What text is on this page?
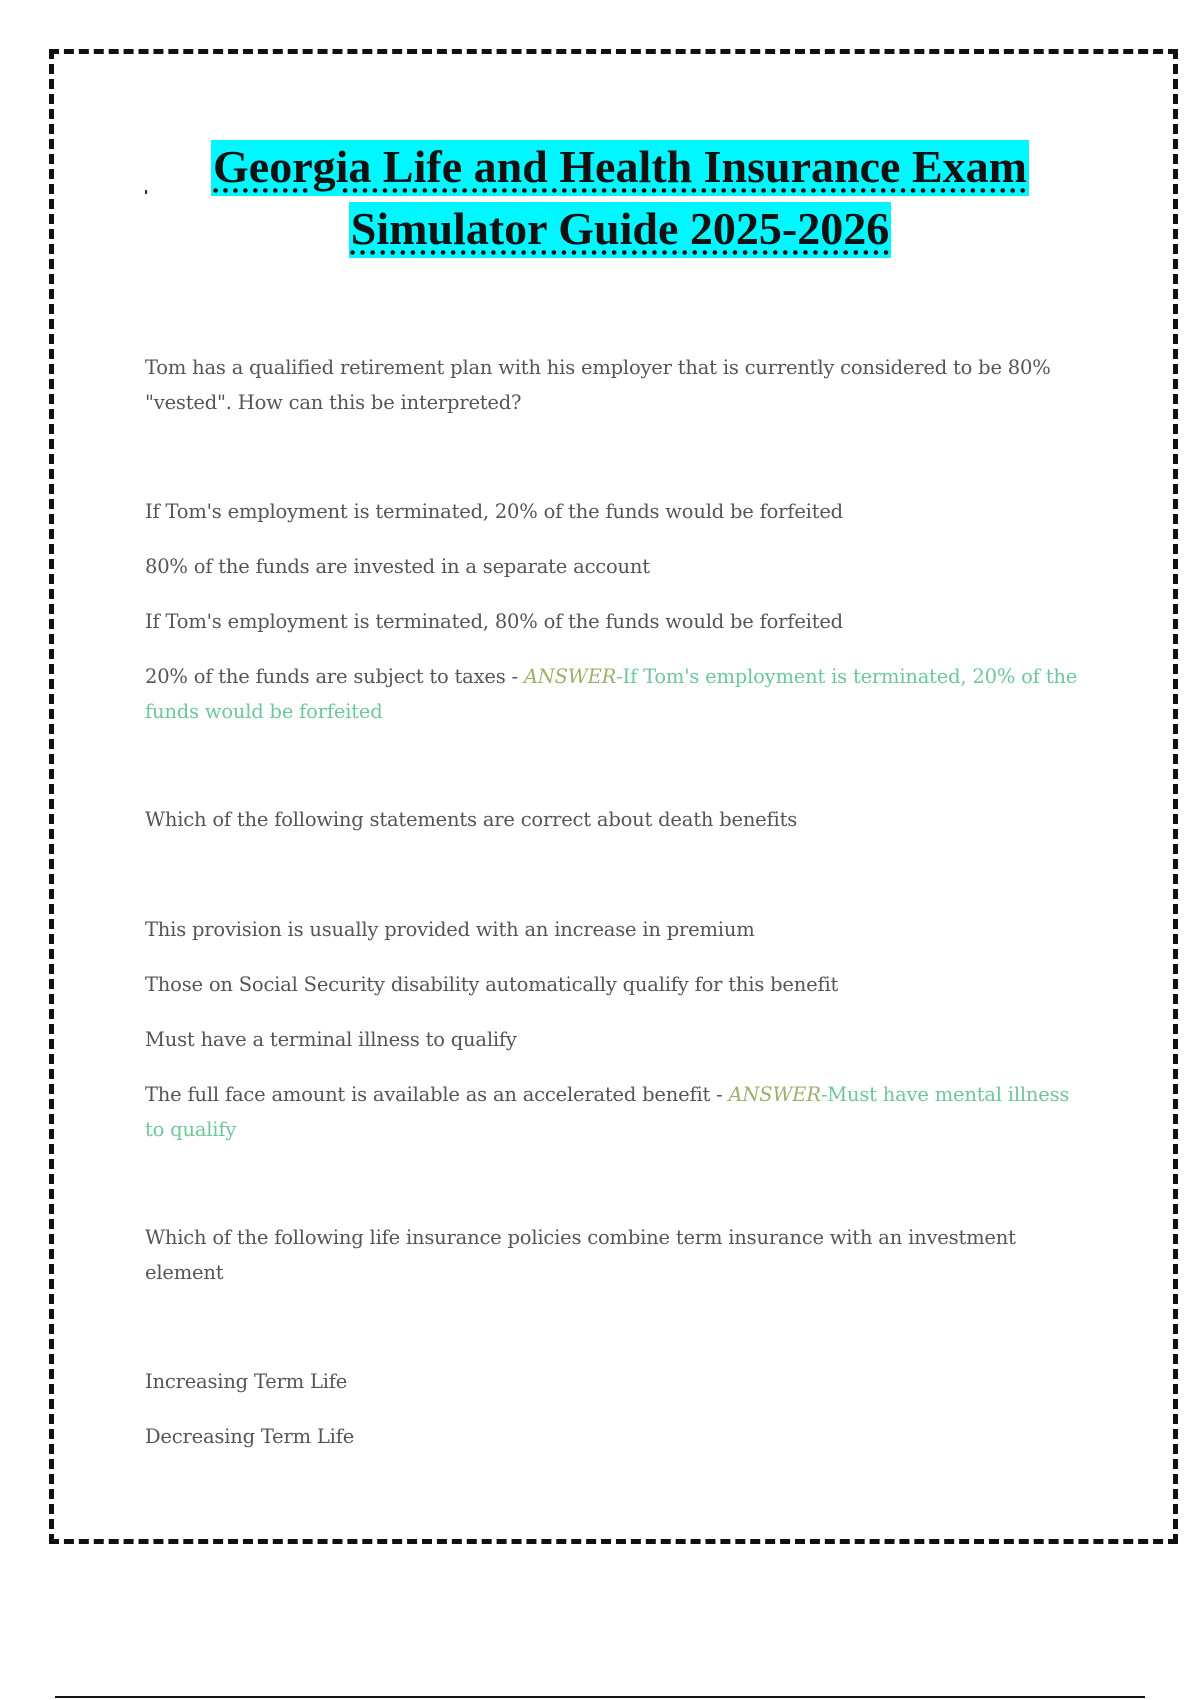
Georgia Life and Health Insurance Exam

Simulator Guide 2025-2026

Tom has a qualified retirement plan with his employer that is currently considered to be 80% "vested". How can this be interpreted?

If Tom's employment is terminated, 20% of the funds would be forfeited

80% of the funds are invested in a separate account

If Tom's employment is terminated, 80% of the funds would be forfeited

20% of the funds are subject to taxes - ANSWER-If Tom's employment is terminated, 20% of the funds would be forfeited

Which of the following statements are correct about death benefits

This provision is usually provided with an increase in premium

Those on Social Security disability automatically qualify for this benefit

Must have a terminal illness to qualify

The full face amount is available as an accelerated benefit - ANSWER-Must have mental illness to qualify

Which of the following life insurance policies combine term insurance with an investment element

Increasing Term Life

Decreasing Term Life
